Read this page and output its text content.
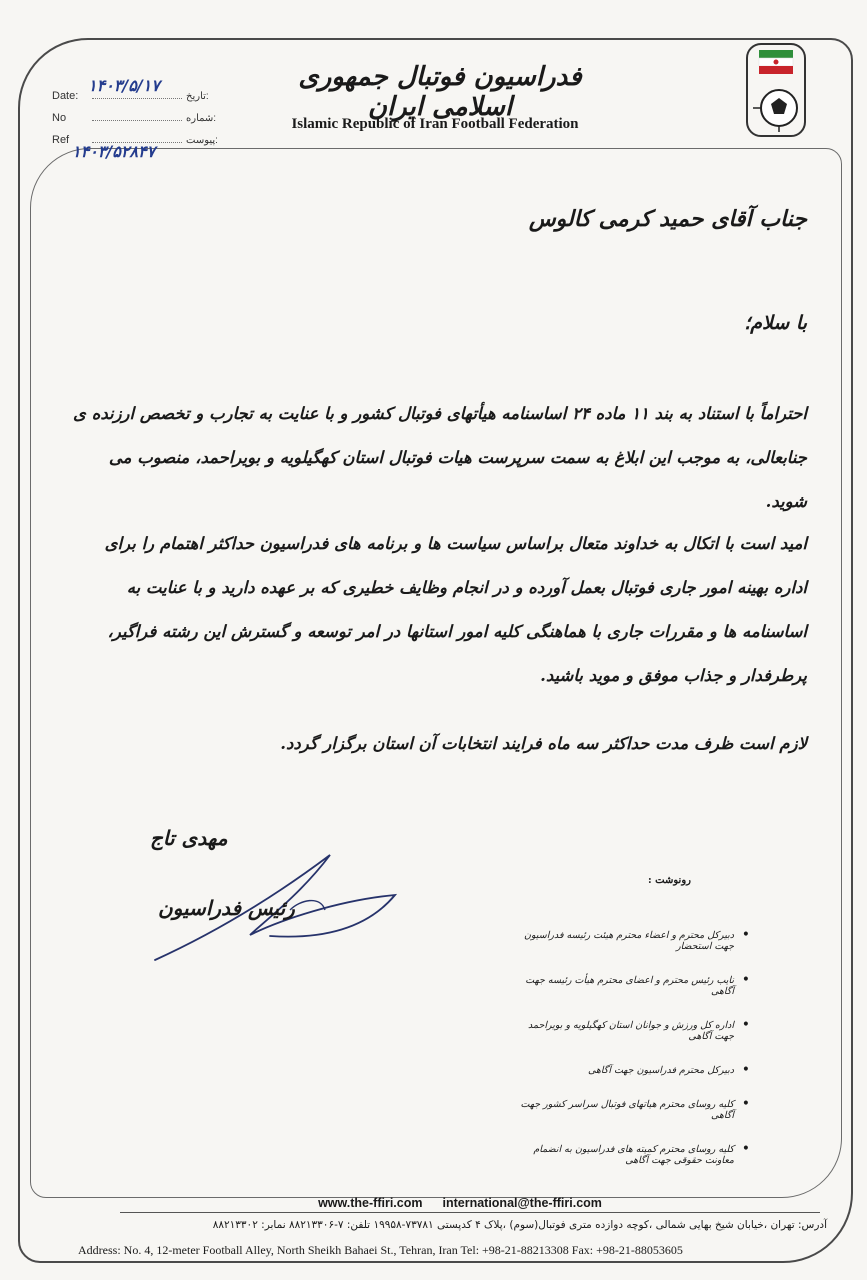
فدراسیون فوتبال جمهوری اسلامی ایران
Islamic Republic of Iran Football Federation
Date:	تاریخ:
۱۴۰۳/۵/۱۷
No	شماره:
Ref	پیوست:
۱۴۰۳/۵۲۸۴۷
جناب آقای حمید کرمی کالوس
با سلام؛
احتراماً با استناد به بند ۱۱ ماده ۲۴ اساسنامه هیأتهای فوتبال کشور و با عنایت به تجارب و تخصص ارزنده ی جنابعالی، به موجب این ابلاغ به سمت سرپرست هیات فوتبال استان کهگیلویه و بویراحمد، منصوب می شوید.
امید است با اتکال به خداوند متعال براساس سیاست ها و برنامه های فدراسیون حداکثر اهتمام را برای اداره بهینه امور جاری فوتبال بعمل آورده و در انجام وظایف خطیری که بر عهده دارید و با عنایت به اساسنامه ها و مقررات جاری با هماهنگی کلیه امور استانها در امر توسعه و گسترش این رشته فراگیر، پرطرفدار و جذاب موفق و موید باشید.
لازم است ظرف مدت حداکثر سه ماه فرایند انتخابات آن استان برگزار گردد.
مهدی تاج
رئیس فدراسیون
رونوشت :
• دبیرکل محترم و اعضاء محترم هیئت رئیسه فدراسیون جهت استحضار
• نایب رئیس محترم و اعضای محترم هیأت رئیسه جهت آگاهی
• اداره کل ورزش و جوانان استان کهگیلویه و بویراحمد جهت آگاهی
• دبیرکل محترم فدراسیون جهت آگاهی
• کلیه روسای محترم هیاتهای فوتبال سراسر کشور جهت آگاهی
• کلیه روسای محترم کمیته های فدراسیون به انضمام معاونت حقوقی جهت آگاهی
www.the-ffiri.com international@the-ffiri.com
آدرس: تهران ،خیابان شیخ بهایی شمالی ،کوچه دوازده متری فوتبال(سوم) ،پلاک ۴ کدپستی ۷۳۷۸۱-۱۹۹۵۸ تلفن: ۷-۸۸۲۱۳۳۰۶ نمابر: ۸۸۲۱۳۳۰۲
Address: No. 4, 12-meter Football Alley, North Sheikh Bahaei St., Tehran, Iran Tel: +98-21-88213308 Fax: +98-21-88053605
